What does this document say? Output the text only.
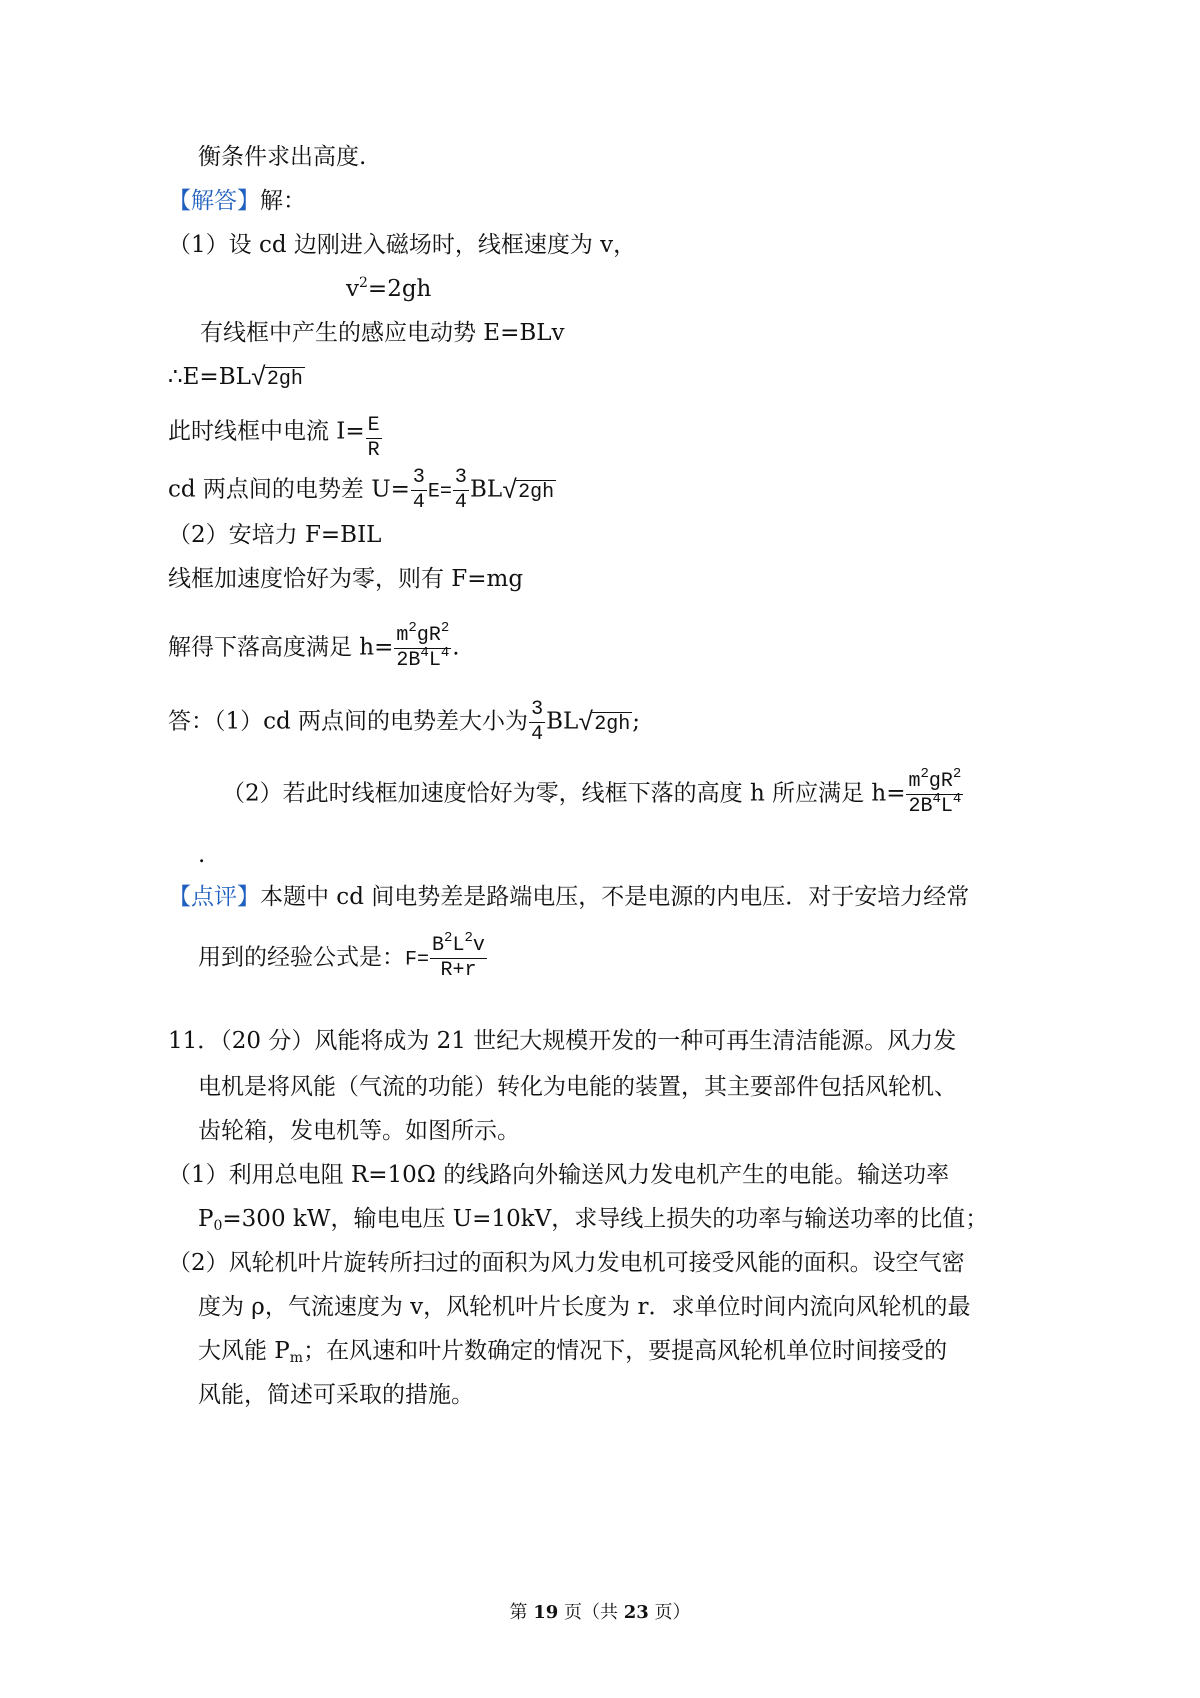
衡条件求出高度.
【解答】解：
（1）设 cd 边刚进入磁场时，线框速度为 v，
$v^2=2gh$
有线框中产生的感应电动势 E=BLv
∴E=BL √ 2gh
此时线框中电流 $I= \frac{E}{R}$
cd 两点间的电势差 $U= \frac{3}{4} E= \frac{3}{4}$ BL √ 2gh
（2）安培力 F=BIL
线框加速度恰好为零，则有 F=mg
解得下落高度满足 $h= \frac{m^2gR^2}{2B^4L^4}$ .
答：（1）cd 两点间的电势差大小为 $\frac{3}{4}$ BL √ 2gh;
（2）若此时线框加速度恰好为零，线框下落的高度 h 所应满足 $h= \frac{m^2gR^2}{2B^4L^4}$
.
【点评】本题中 cd 间电势差是路端电压，不是电源的内电压．对于安培力经常
用到的经验公式是：$F= \frac{B^2L^2v}{R+r}$
11．（20 分）风能将成为 21 世纪大规模开发的一种可再生清洁能源。风力发
电机是将风能（气流的功能）转化为电能的装置，其主要部件包括风轮机、
齿轮箱，发电机等。如图所示。
（1）利用总电阻 R=10Ω 的线路向外输送风力发电机产生的电能。输送功率
$P_0=300$ kW，输电电压 U=10kV，求导线上损失的功率与输送功率的比值；
（2）风轮机叶片旋转所扫过的面积为风力发电机可接受风能的面积。设空气密
度为 ρ，气流速度为 v，风轮机叶片长度为 r．求单位时间内流向风轮机的最
大风能 $P_m$；在风速和叶片数确定的情况下，要提高风轮机单位时间接受的
风能，简述可采取的措施。
第 19 页（共 23 页）
